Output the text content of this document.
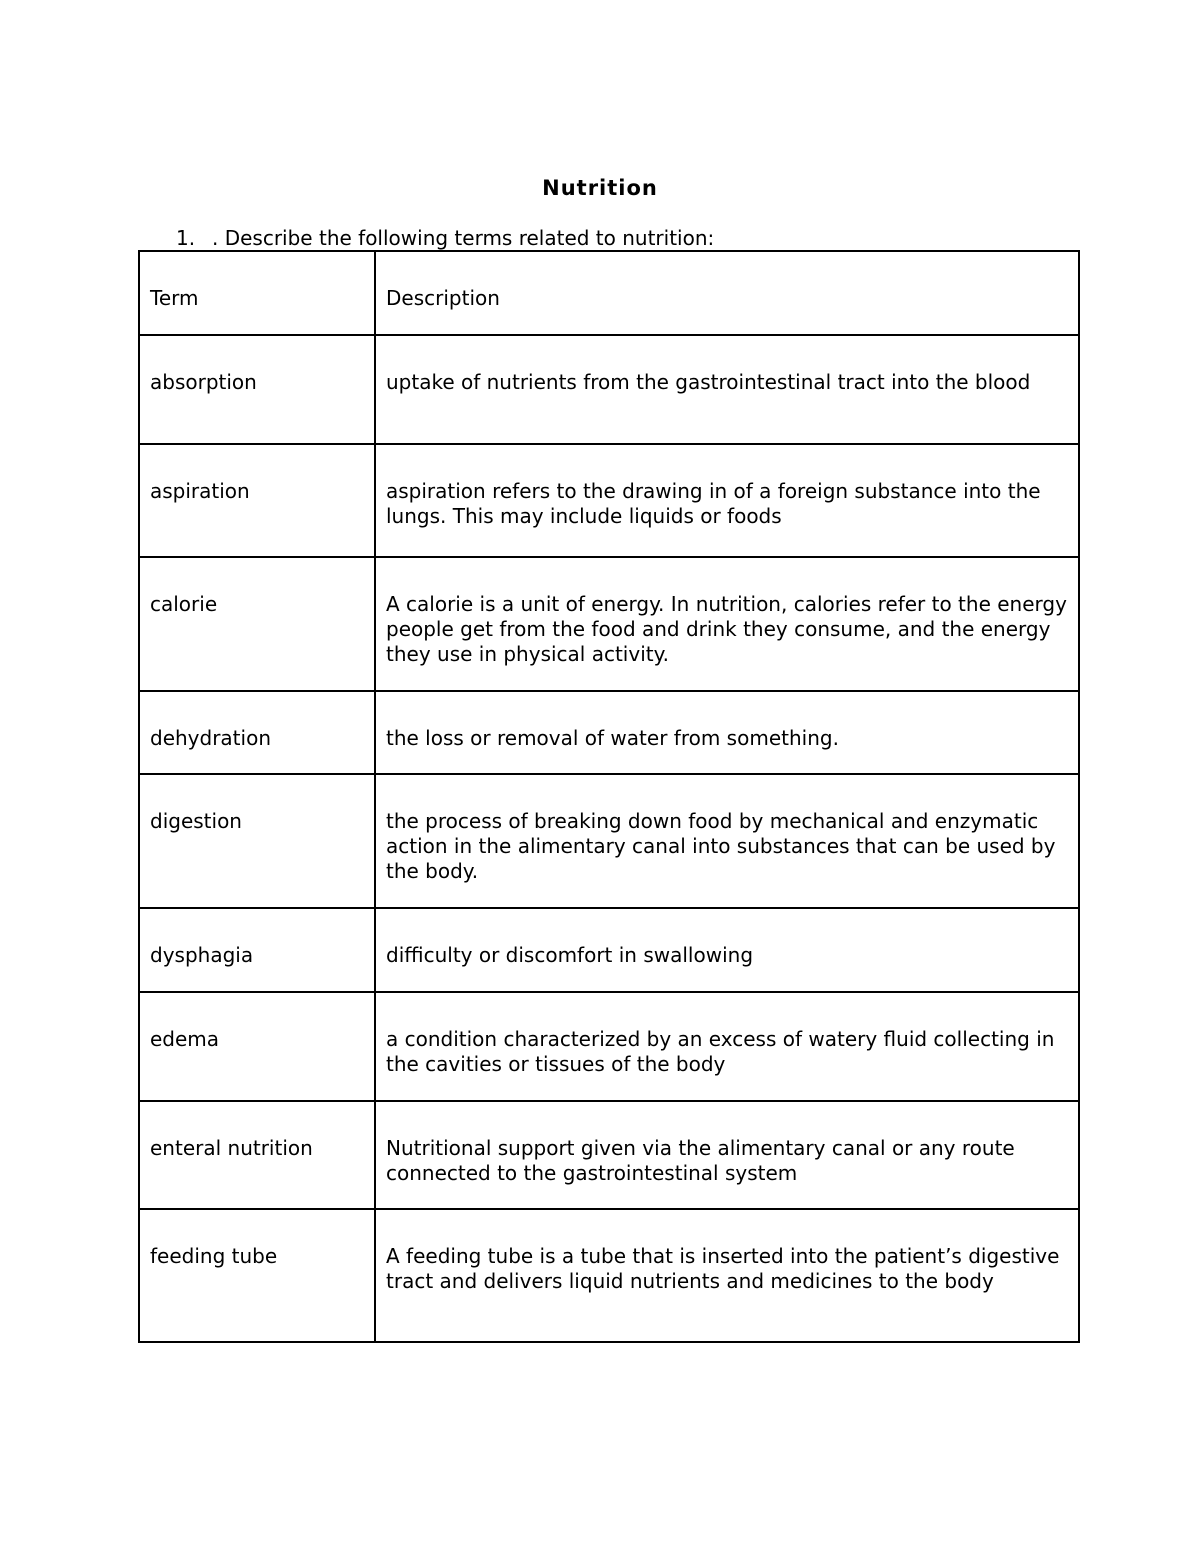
Nutrition
1. . Describe the following terms related to nutrition:
Term	Description
absorption	uptake of nutrients from the gastrointestinal tract into the blood
aspiration	aspiration refers to the drawing in of a foreign substance into the lungs. This may include liquids or foods
calorie	A calorie is a unit of energy. In nutrition, calories refer to the energy people get from the food and drink they consume, and the energy they use in physical activity.
dehydration	the loss or removal of water from something.
digestion	the process of breaking down food by mechanical and enzymatic action in the alimentary canal into substances that can be used by the body.
dysphagia	difficulty or discomfort in swallowing
edema	a condition characterized by an excess of watery fluid collecting in the cavities or tissues of the body
enteral nutrition	Nutritional support given via the alimentary canal or any route connected to the gastrointestinal system
feeding tube	A feeding tube is a tube that is inserted into the patient’s digestive tract and delivers liquid nutrients and medicines to the body
